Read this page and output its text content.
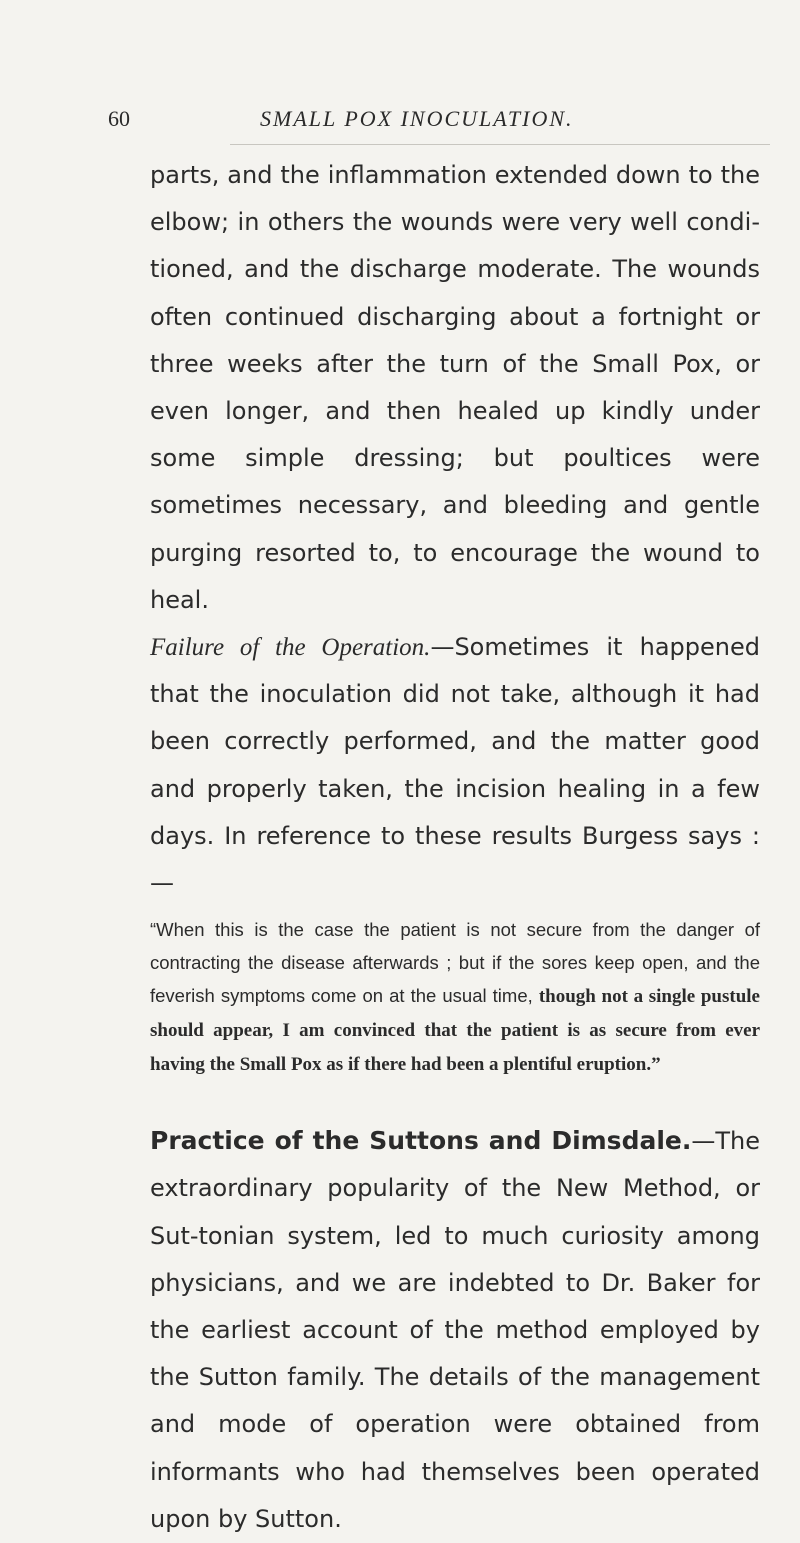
60	SMALL POX INOCULATION.

parts, and the inflammation extended down to the elbow; in others the wounds were very well condi-tioned, and the discharge moderate. The wounds often continued discharging about a fortnight or three weeks after the turn of the Small Pox, or even longer, and then healed up kindly under some simple dressing; but poultices were sometimes necessary, and bleeding and gentle purging resorted to, to encourage the wound to heal.

Failure of the Operation.—Sometimes it happened that the inoculation did not take, although it had been correctly performed, and the matter good and properly taken, the incision healing in a few days. In reference to these results Burgess says :—

“When this is the case the patient is not secure from the danger of contracting the disease afterwards ; but if the sores keep open, and the feverish symptoms come on at the usual time, though not a single pustule should appear, I am convinced that the patient is as secure from ever having the Small Pox as if there had been a plentiful eruption.”

Practice of the Suttons and Dimsdale.—The extraordinary popularity of the New Method, or Sut-tonian system, led to much curiosity among physicians, and we are indebted to Dr. Baker for the earliest account of the method employed by the Sutton family. The details of the management and mode of operation were obtained from informants who had themselves been operated upon by Sutton.
